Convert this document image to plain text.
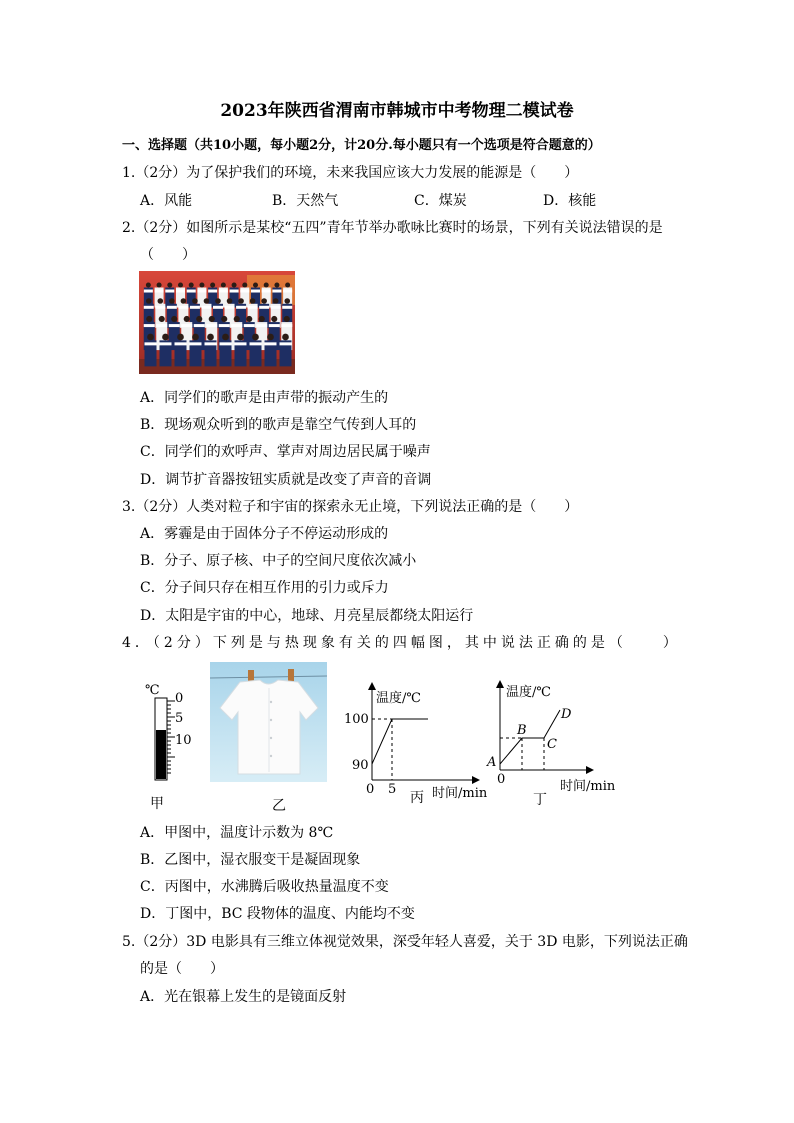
2023年陕西省渭南市韩城市中考物理二模试卷
一、选择题（共10小题，每小题2分，计20分.每小题只有一个选项是符合题意的）
1.（2分）为了保护我们的环境，未来我国应该大力发展的能源是（　　）
A．风能	B．天然气	C．煤炭	D．核能
2.（2分）如图所示是某校“五四”青年节举办歌咏比赛时的场景，下列有关说法错误的是
（　　）
A．同学们的歌声是由声带的振动产生的
B．现场观众听到的歌声是靠空气传到人耳的
C．同学们的欢呼声、掌声对周边居民属于噪声
D．调节扩音器按钮实质就是改变了声音的音调
3.（2分）人类对粒子和宇宙的探索永无止境，下列说法正确的是（　　）
A．雾霾是由于固体分子不停运动形成的
B．分子、原子核、中子的空间尺度依次减小
C．分子间只存在相互作用的引力或斥力
D．太阳是宇宙的中心，地球、月亮星辰都绕太阳运行
4．（2分）下列是与热现象有关的四幅图，其中说法正确的是（　　）
℃
0
5
10
甲	乙
温度/℃
100
90
0 5
丙 时间/min
温度/℃
A
B
C
D
0	时间/min
丁
A．甲图中，温度计示数为 8℃
B．乙图中，湿衣服变干是凝固现象
C．丙图中，水沸腾后吸收热量温度不变
D．丁图中，BC 段物体的温度、内能均不变
5.（2分）3D 电影具有三维立体视觉效果，深受年轻人喜爱，关于 3D 电影，下列说法正确
的是（　　）
A．光在银幕上发生的是镜面反射
